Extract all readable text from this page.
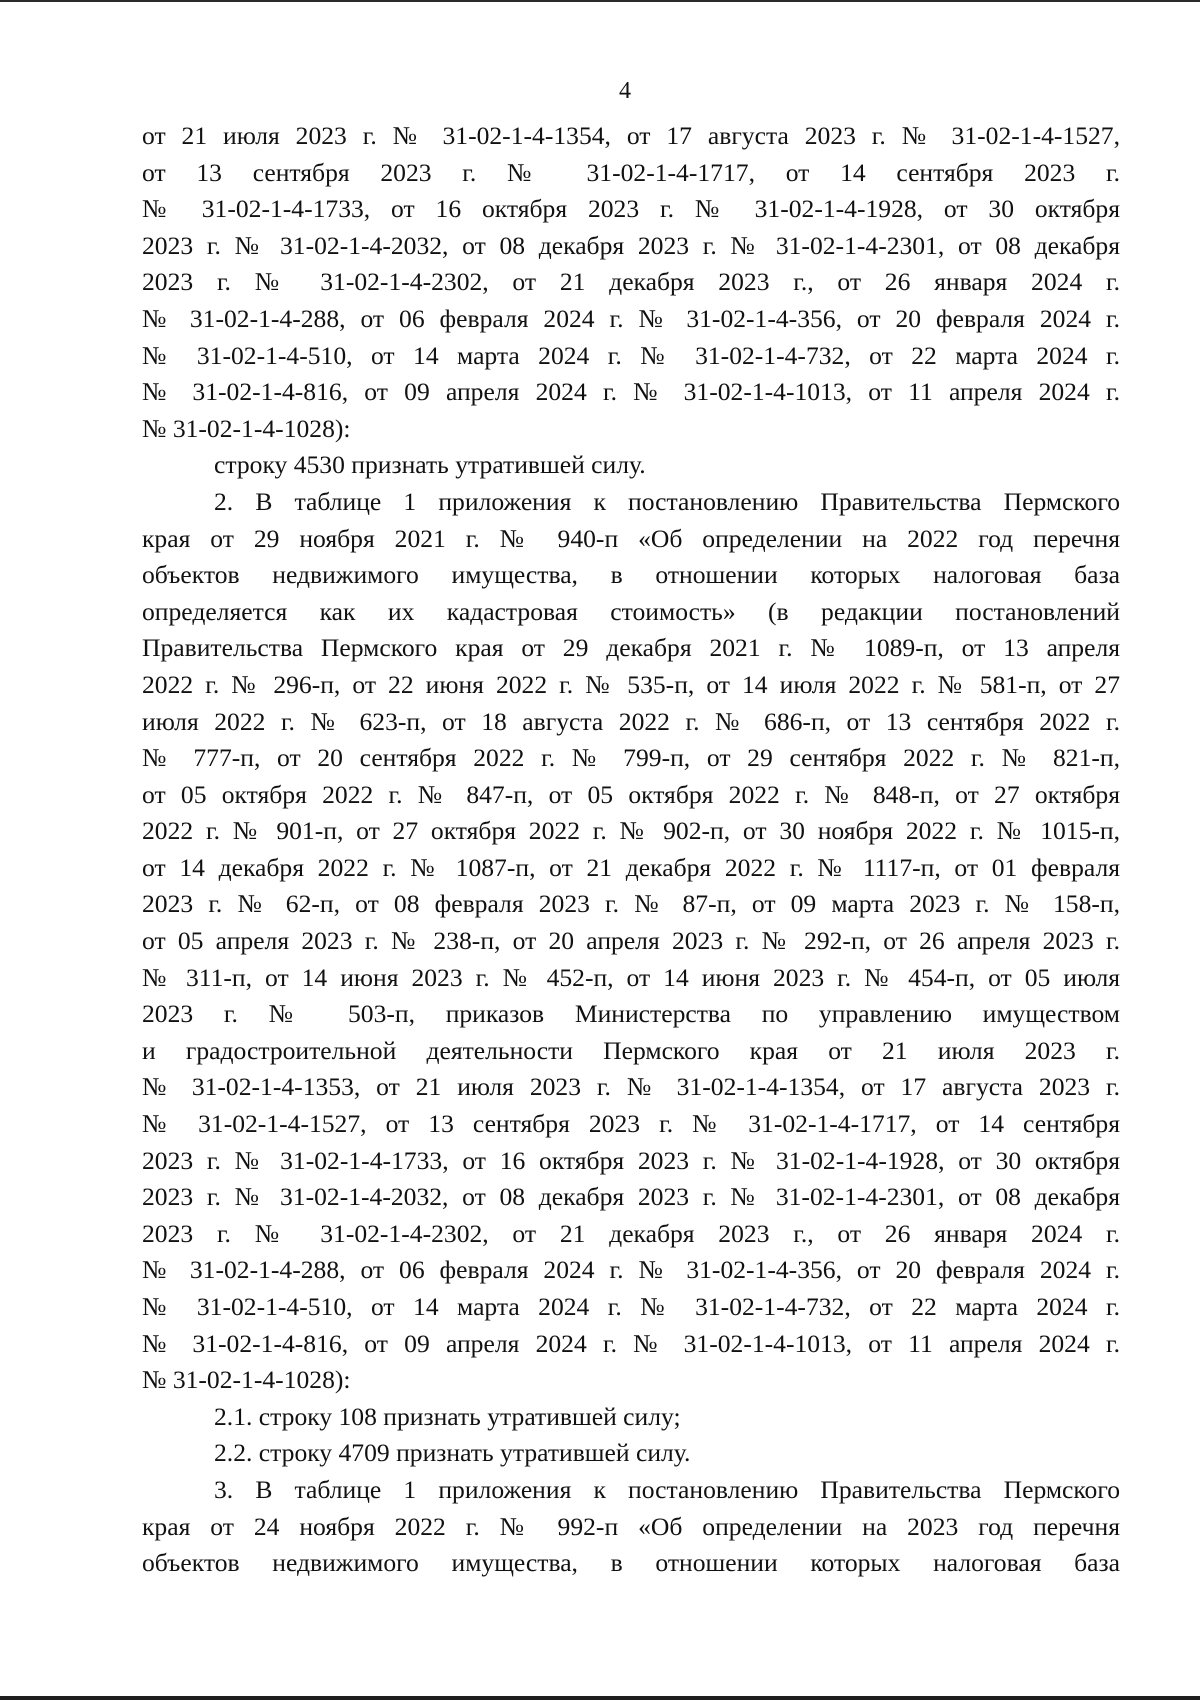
4
от 21 июля 2023 г. № 31-02-1-4-1354, от 17 августа 2023 г. № 31-02-1-4-1527,
от 13 сентября 2023 г. № 31-02-1-4-1717, от 14 сентября 2023 г.
№ 31-02-1-4-1733, от 16 октября 2023 г. № 31-02-1-4-1928, от 30 октября
2023 г. № 31-02-1-4-2032, от 08 декабря 2023 г. № 31-02-1-4-2301, от 08 декабря
2023 г. № 31-02-1-4-2302, от 21 декабря 2023 г., от 26 января 2024 г.
№ 31-02-1-4-288, от 06 февраля 2024 г. № 31-02-1-4-356, от 20 февраля 2024 г.
№ 31-02-1-4-510, от 14 марта 2024 г. № 31-02-1-4-732, от 22 марта 2024 г.
№ 31-02-1-4-816, от 09 апреля 2024 г. № 31-02-1-4-1013, от 11 апреля 2024 г.
№ 31-02-1-4-1028):
строку 4530 признать утратившей силу.
2. В таблице 1 приложения к постановлению Правительства Пермского
края от 29 ноября 2021 г. № 940-п «Об определении на 2022 год перечня
объектов недвижимого имущества, в отношении которых налоговая база
определяется как их кадастровая стоимость» (в редакции постановлений
Правительства Пермского края от 29 декабря 2021 г. № 1089-п, от 13 апреля
2022 г. № 296-п, от 22 июня 2022 г. № 535-п, от 14 июля 2022 г. № 581-п, от 27
июля 2022 г. № 623-п, от 18 августа 2022 г. № 686-п, от 13 сентября 2022 г.
№ 777-п, от 20 сентября 2022 г. № 799-п, от 29 сентября 2022 г. № 821-п,
от 05 октября 2022 г. № 847-п, от 05 октября 2022 г. № 848-п, от 27 октября
2022 г. № 901-п, от 27 октября 2022 г. № 902-п, от 30 ноября 2022 г. № 1015-п,
от 14 декабря 2022 г. № 1087-п, от 21 декабря 2022 г. № 1117-п, от 01 февраля
2023 г. № 62-п, от 08 февраля 2023 г. № 87-п, от 09 марта 2023 г. № 158-п,
от 05 апреля 2023 г. № 238-п, от 20 апреля 2023 г. № 292-п, от 26 апреля 2023 г.
№ 311-п, от 14 июня 2023 г. № 452-п, от 14 июня 2023 г. № 454-п, от 05 июля
2023 г. № 503-п, приказов Министерства по управлению имуществом
и градостроительной деятельности Пермского края от 21 июля 2023 г.
№ 31-02-1-4-1353, от 21 июля 2023 г. № 31-02-1-4-1354, от 17 августа 2023 г.
№ 31-02-1-4-1527, от 13 сентября 2023 г. № 31-02-1-4-1717, от 14 сентября
2023 г. № 31-02-1-4-1733, от 16 октября 2023 г. № 31-02-1-4-1928, от 30 октября
2023 г. № 31-02-1-4-2032, от 08 декабря 2023 г. № 31-02-1-4-2301, от 08 декабря
2023 г. № 31-02-1-4-2302, от 21 декабря 2023 г., от 26 января 2024 г.
№ 31-02-1-4-288, от 06 февраля 2024 г. № 31-02-1-4-356, от 20 февраля 2024 г.
№ 31-02-1-4-510, от 14 марта 2024 г. № 31-02-1-4-732, от 22 марта 2024 г.
№ 31-02-1-4-816, от 09 апреля 2024 г. № 31-02-1-4-1013, от 11 апреля 2024 г.
№ 31-02-1-4-1028):
2.1. строку 108 признать утратившей силу;
2.2. строку 4709 признать утратившей силу.
3. В таблице 1 приложения к постановлению Правительства Пермского
края от 24 ноября 2022 г. № 992-п «Об определении на 2023 год перечня
объектов недвижимого имущества, в отношении которых налоговая база
